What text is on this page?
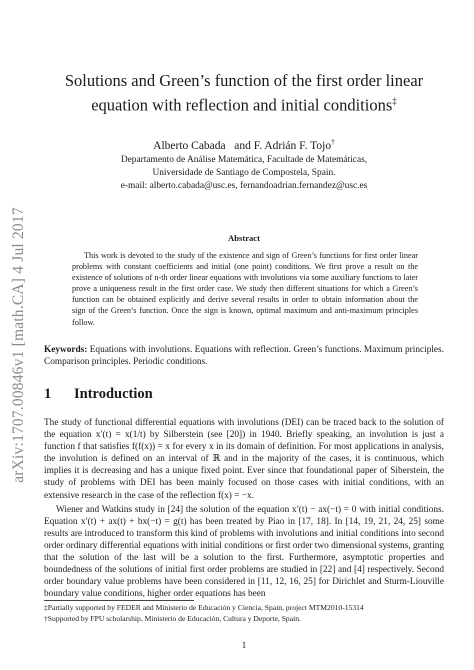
arXiv:1707.00846v1 [math.CA] 4 Jul 2017
Solutions and Green’s function of the first order linear
equation with reflection and initial conditions‡
Alberto Cabada and F. Adrián F. Tojo†
Departamento de Análise Matemática, Facultade de Matemáticas,
Universidade de Santiago de Compostela, Spain.
e-mail: alberto.cabada@usc.es, fernandoadrian.fernandez@usc.es
Abstract

This work is devoted to the study of the existence and sign of Green’s functions for first order linear problems with constant coefficients and initial (one point) conditions. We first prove a result on the existence of solutions of n-th order linear equations with involutions via some auxiliary functions to later prove a uniqueness result in the first order case. We study then different situations for which a Green’s function can be obtained explicitly and derive several results in order to obtain information about the sign of the Green’s function. Once the sign is known, optimal maximum and anti-maximum principles follow.

Keywords: Equations with involutions. Equations with reflection. Green’s functions. Maximum principles. Comparison principles. Periodic conditions.
1 Introduction

The study of functional differential equations with involutions (DEI) can be traced back to the solution of the equation x′(t) = x(1/t) by Silberstein (see [20]) in 1940. Briefly speaking, an involution is just a function f that satisfies f(f(x)) = x for every x in its domain of definition. For most applications in analysis, the involution is defined on an interval of ℝ and in the majority of the cases, it is continuous, which implies it is decreasing and has a unique fixed point. Ever since that foundational paper of Siberstein, the study of problems with DEI has been mainly focused on those cases with initial conditions, with an extensive research in the case of the reflection f(x) = −x.

Wiener and Watkins study in [24] the solution of the equation x′(t) − ax(−t) = 0 with initial conditions. Equation x′(t) + ax(t) + bx(−t) = g(t) has been treated by Piao in [17, 18]. In [14, 19, 21, 24, 25] some results are introduced to transform this kind of problems with involutions and initial conditions into second order ordinary differential equations with initial conditions or first order two dimensional systems, granting that the solution of the last will be a solution to the first. Furthermore, asymptotic properties and boundedness of the solutions of initial first order problems are studied in [22] and [4] respectively. Second order boundary value problems have been considered in [11, 12, 16, 25] for Dirichlet and Sturm-Liouville boundary value conditions, higher order equations has been

‡Partially supported by FEDER and Ministerio de Educación y Ciencia, Spain, project MTM2010-15314

†Supported by FPU scholarship, Ministerio de Educación, Cultura y Deporte, Spain.

1
